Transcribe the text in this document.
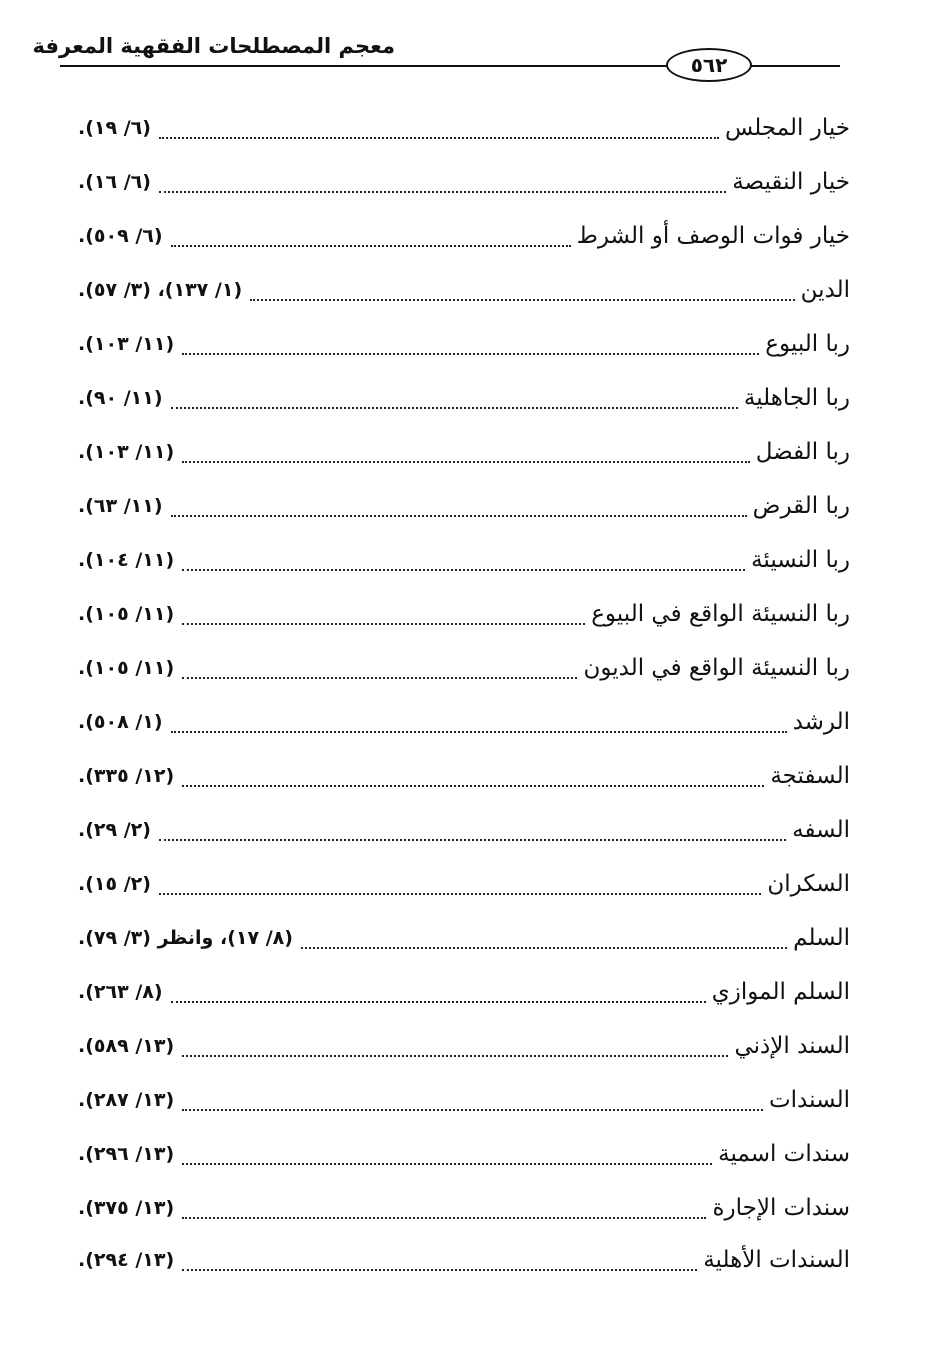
معجم المصطلحات الفقهية المعرفة
٥٦٢
خيار المجلس
(٦/ ١٩).
خيار النقيصة
(٦/ ١٦).
خيار فوات الوصف أو الشرط
(٦/ ٥٠٩).
الدين
(١/ ١٣٧)، (٣/ ٥٧).
ربا البيوع
(١١/ ١٠٣).
ربا الجاهلية
(١١/ ٩٠).
ربا الفضل
(١١/ ١٠٣).
ربا القرض
(١١/ ٦٣).
ربا النسيئة
(١١/ ١٠٤).
ربا النسيئة الواقع في البيوع
(١١/ ١٠٥).
ربا النسيئة الواقع في الديون
(١١/ ١٠٥).
الرشد
(١/ ٥٠٨).
السفتجة
(١٢/ ٣٣٥).
السفه
(٢/ ٢٩).
السكران
(٢/ ١٥).
السلم
(٨/ ١٧)، وانظر (٣/ ٧٩).
السلم الموازي
(٨/ ٢٦٣).
السند الإذني
(١٣/ ٥٨٩).
السندات
(١٣/ ٢٨٧).
سندات اسمية
(١٣/ ٢٩٦).
سندات الإجارة
(١٣/ ٣٧٥).
السندات الأهلية
(١٣/ ٢٩٤).
